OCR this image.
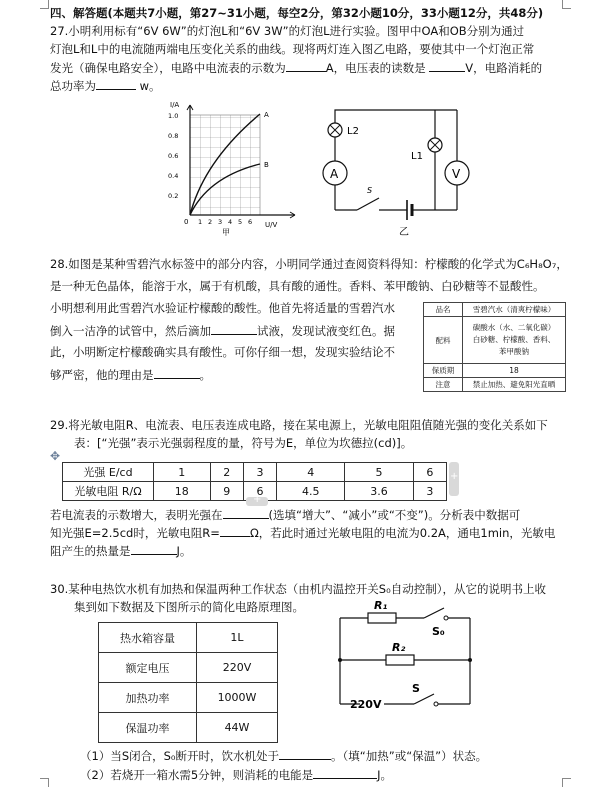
四、解答题(本题共7小题，第27~31小题，每空2分，第32小题10分，33小题12分，共48分)
27.小明利用标有“6V 6W”的灯泡L和“6V 3W”的灯泡L进行实验。图甲中OA和OB分别为通过
灯泡L和L中的电流随两端电压变化关系的曲线。现将两灯连入图乙电路，要使其中一个灯泡正常
发光（确保电路安全），电路中电流表的示数为	A，电压表的读数是	V，电路消耗的
总功率为	w。
I/A
U/V
A
B
0
1.0
0.8
0.6
0.4
0.2
1 2 3 4 5 6
甲
A	V
L2
L1
S
乙
28.如图是某种雪碧汽水标签中的部分内容，小明同学通过查阅资料得知：柠檬酸的化学式为C₆H₈O₇，
是一种无色晶体，能溶于水，属于有机酸，具有酸的通性。香料、苯甲酸钠、白砂糖等不显酸性。
小明想利用此雪碧汽水验证柠檬酸的酸性。他首先将适量的雪碧汽水
倒入一洁净的试管中，然后滴加	试液，发现试液变红色。据
此，小明断定柠檬酸确实具有酸性。可你仔细一想，发现实验结论不
够严密，他的理由是	。
品名	雪碧汽水（清爽柠檬味）
配料	碳酸水（水、二氧化碳）
白砂糖、柠檬酸、香料、
苯甲酸钠

保质期	18
注意	禁止加热、避免阳光直晒
29.将光敏电阻R、电流表、电压表连成电路，接在某电源上，光敏电阻阻值随光强的变化关系如下
表：[“光强”表示光强弱程度的量，符号为E，单位为坎德拉(cd)]。
✥
光强 E/cd	1	2	3	4	5	6
光敏电阻 R/Ω	18	9	6	4.5	3.6	3
+
+
若电流表的示数增大，表明光强在	(选填“增大”、“减小”或“不变”)。分析表中数据可
知光强E=2.5cd时，光敏电阻R=	Ω，若此时通过光敏电阻的电流为0.2A，通电1min，光敏电
阻产生的热量是	J。
30.某种电热饮水机有加热和保温两种工作状态（由机内温控开关S₀自动控制），从它的说明书上收
集到如下数据及下图所示的简化电路原理图。
热水箱容量	1L
额定电压	220V
加热功率	1000W
保温功率	44W
R₁
S₀
R₂
S
220V
（1）当S闭合，S₀断开时，饮水机处于	。（填“加热”或“保温”）状态。
（2）若烧开一箱水需5分钟，则消耗的电能是	J。
